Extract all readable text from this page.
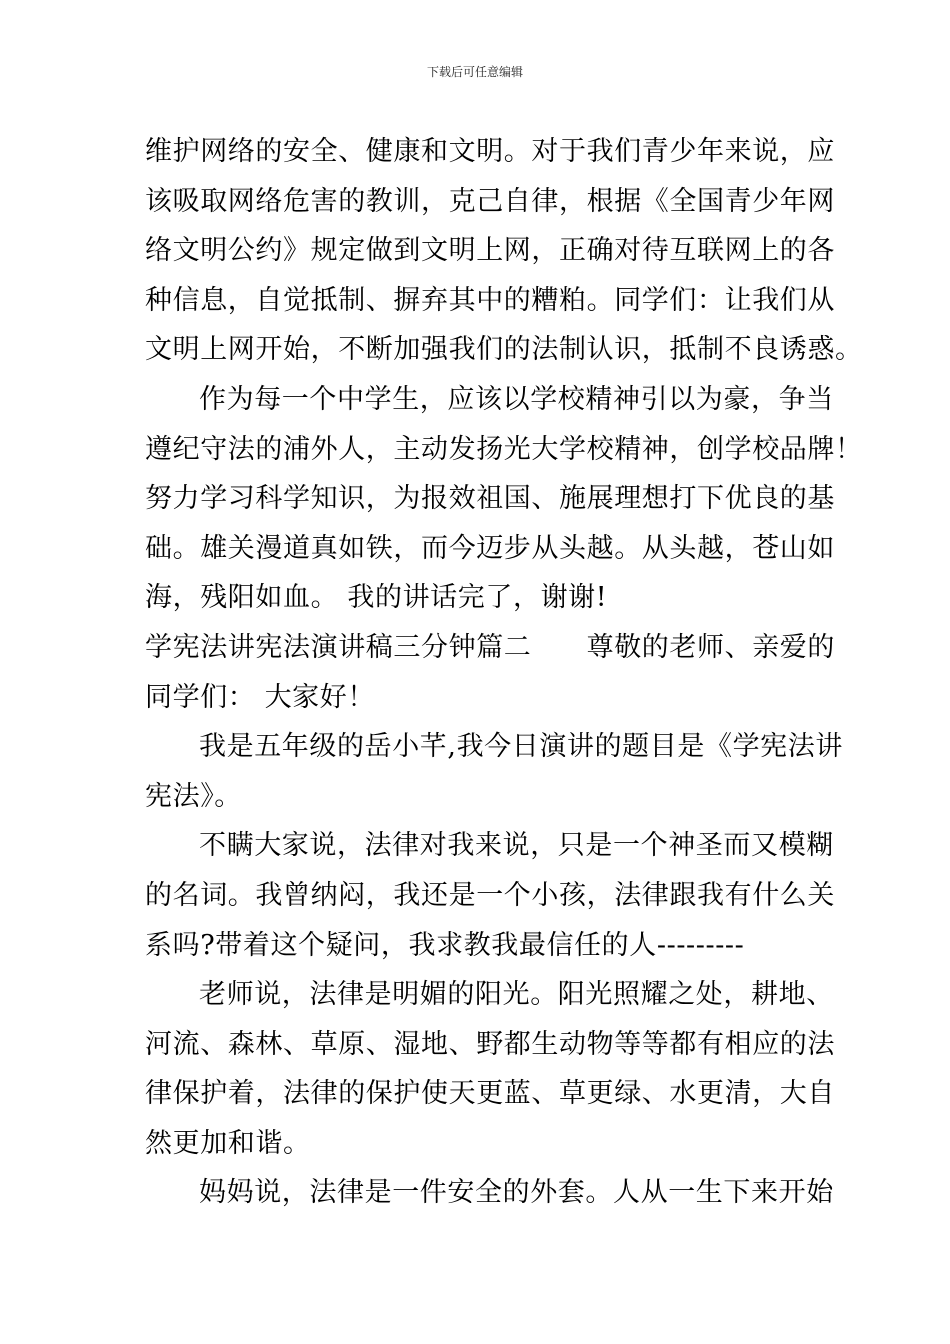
下载后可任意编辑

维护网络的安全、健康和文明。对于我们青少年来说，应
该吸取网络危害的教训，克己自律，根据《全国青少年网
络文明公约》规定做到文明上网，正确对待互联网上的各
种信息，自觉抵制、摒弃其中的糟粕。同学们：让我们从
文明上网开始，不断加强我们的法制认识，抵制不良诱惑。

作为每一个中学生，应该以学校精神引以为豪，争当
遵纪守法的浦外人，主动发扬光大学校精神，创学校品牌！
努力学习科学知识，为报效祖国、施展理想打下优良的基
础。雄关漫道真如铁，而今迈步从头越。从头越，苍山如
海，残阳如血。 我的讲话完了，谢谢!

学宪法讲宪法演讲稿三分钟篇二　　尊敬的老师、亲爱的
同学们： 大家好！

我是五年级的岳小芊,我今日演讲的题目是《学宪法讲
宪法》。

不瞒大家说，法律对我来说，只是一个神圣而又模糊
的名词。我曾纳闷，我还是一个小孩，法律跟我有什么关
系吗?带着这个疑问，我求教我最信任的人---------

老师说，法律是明媚的阳光。阳光照耀之处，耕地、
河流、森林、草原、湿地、野都生动物等等都有相应的法
律保护着，法律的保护使天更蓝、草更绿、水更清，大自
然更加和谐。

妈妈说，法律是一件安全的外套。人从一生下来开始
